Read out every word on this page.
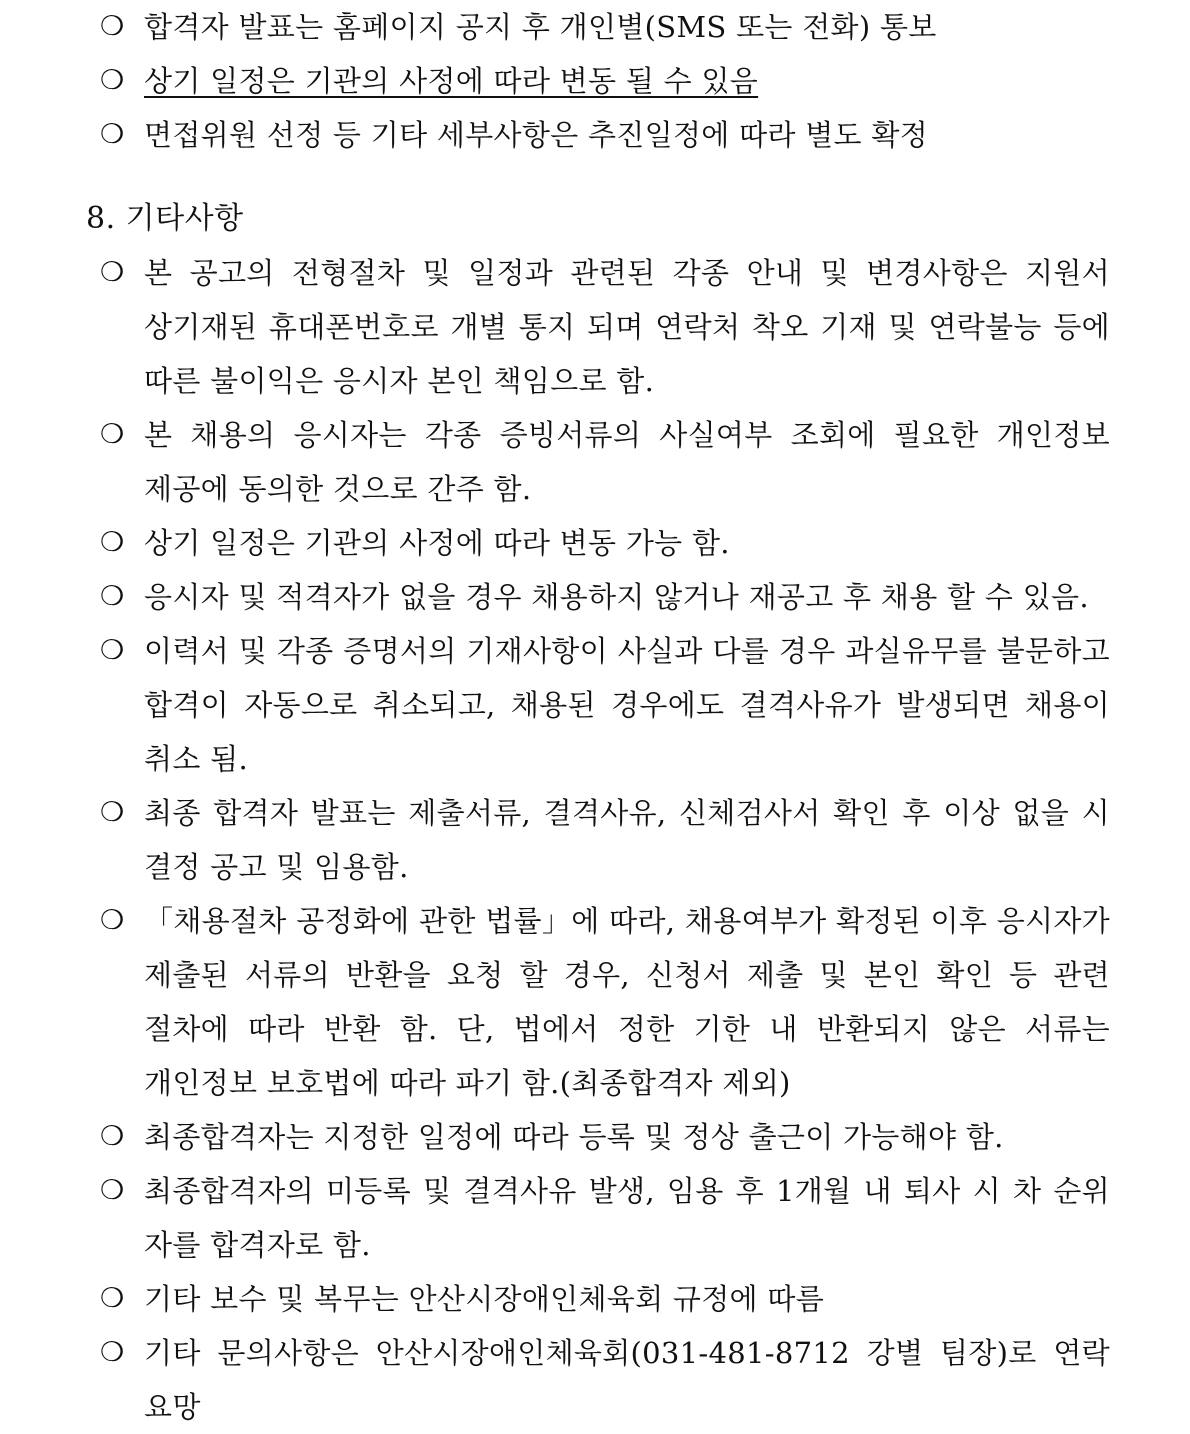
❍ 합격자 발표는 홈페이지 공지 후 개인별(SMS 또는 전화) 통보
❍ 상기 일정은 기관의 사정에 따라 변동 될 수 있음
❍ 면접위원 선정 등 기타 세부사항은 추진일정에 따라 별도 확정
8. 기타사항
❍ 본 공고의 전형절차 및 일정과 관련된 각종 안내 및 변경사항은 지원서 상기재된 휴대폰번호로 개별 통지 되며 연락처 착오 기재 및 연락불능 등에 따른 불이익은 응시자 본인 책임으로 함.
❍ 본 채용의 응시자는 각종 증빙서류의 사실여부 조회에 필요한 개인정보 제공에 동의한 것으로 간주 함.
❍ 상기 일정은 기관의 사정에 따라 변동 가능 함.
❍ 응시자 및 적격자가 없을 경우 채용하지 않거나 재공고 후 채용 할 수 있음.
❍ 이력서 및 각종 증명서의 기재사항이 사실과 다를 경우 과실유무를 불문하고 합격이 자동으로 취소되고, 채용된 경우에도 결격사유가 발생되면 채용이 취소 됨.
❍ 최종 합격자 발표는 제출서류, 결격사유, 신체검사서 확인 후 이상 없을 시 결정 공고 및 임용함.
❍ 「채용절차 공정화에 관한 법률」에 따라, 채용여부가 확정된 이후 응시자가 제출된 서류의 반환을 요청 할 경우, 신청서 제출 및 본인 확인 등 관련 절차에 따라 반환 함. 단, 법에서 정한 기한 내 반환되지 않은 서류는 개인정보 보호법에 따라 파기 함.(최종합격자 제외)
❍ 최종합격자는 지정한 일정에 따라 등록 및 정상 출근이 가능해야 함.
❍ 최종합격자의 미등록 및 결격사유 발생, 임용 후 1개월 내 퇴사 시 차 순위 자를 합격자로 함.
❍ 기타 보수 및 복무는 안산시장애인체육회 규정에 따름
❍ 기타 문의사항은 안산시장애인체육회(031-481-8712 강별 팀장)로 연락 요망
